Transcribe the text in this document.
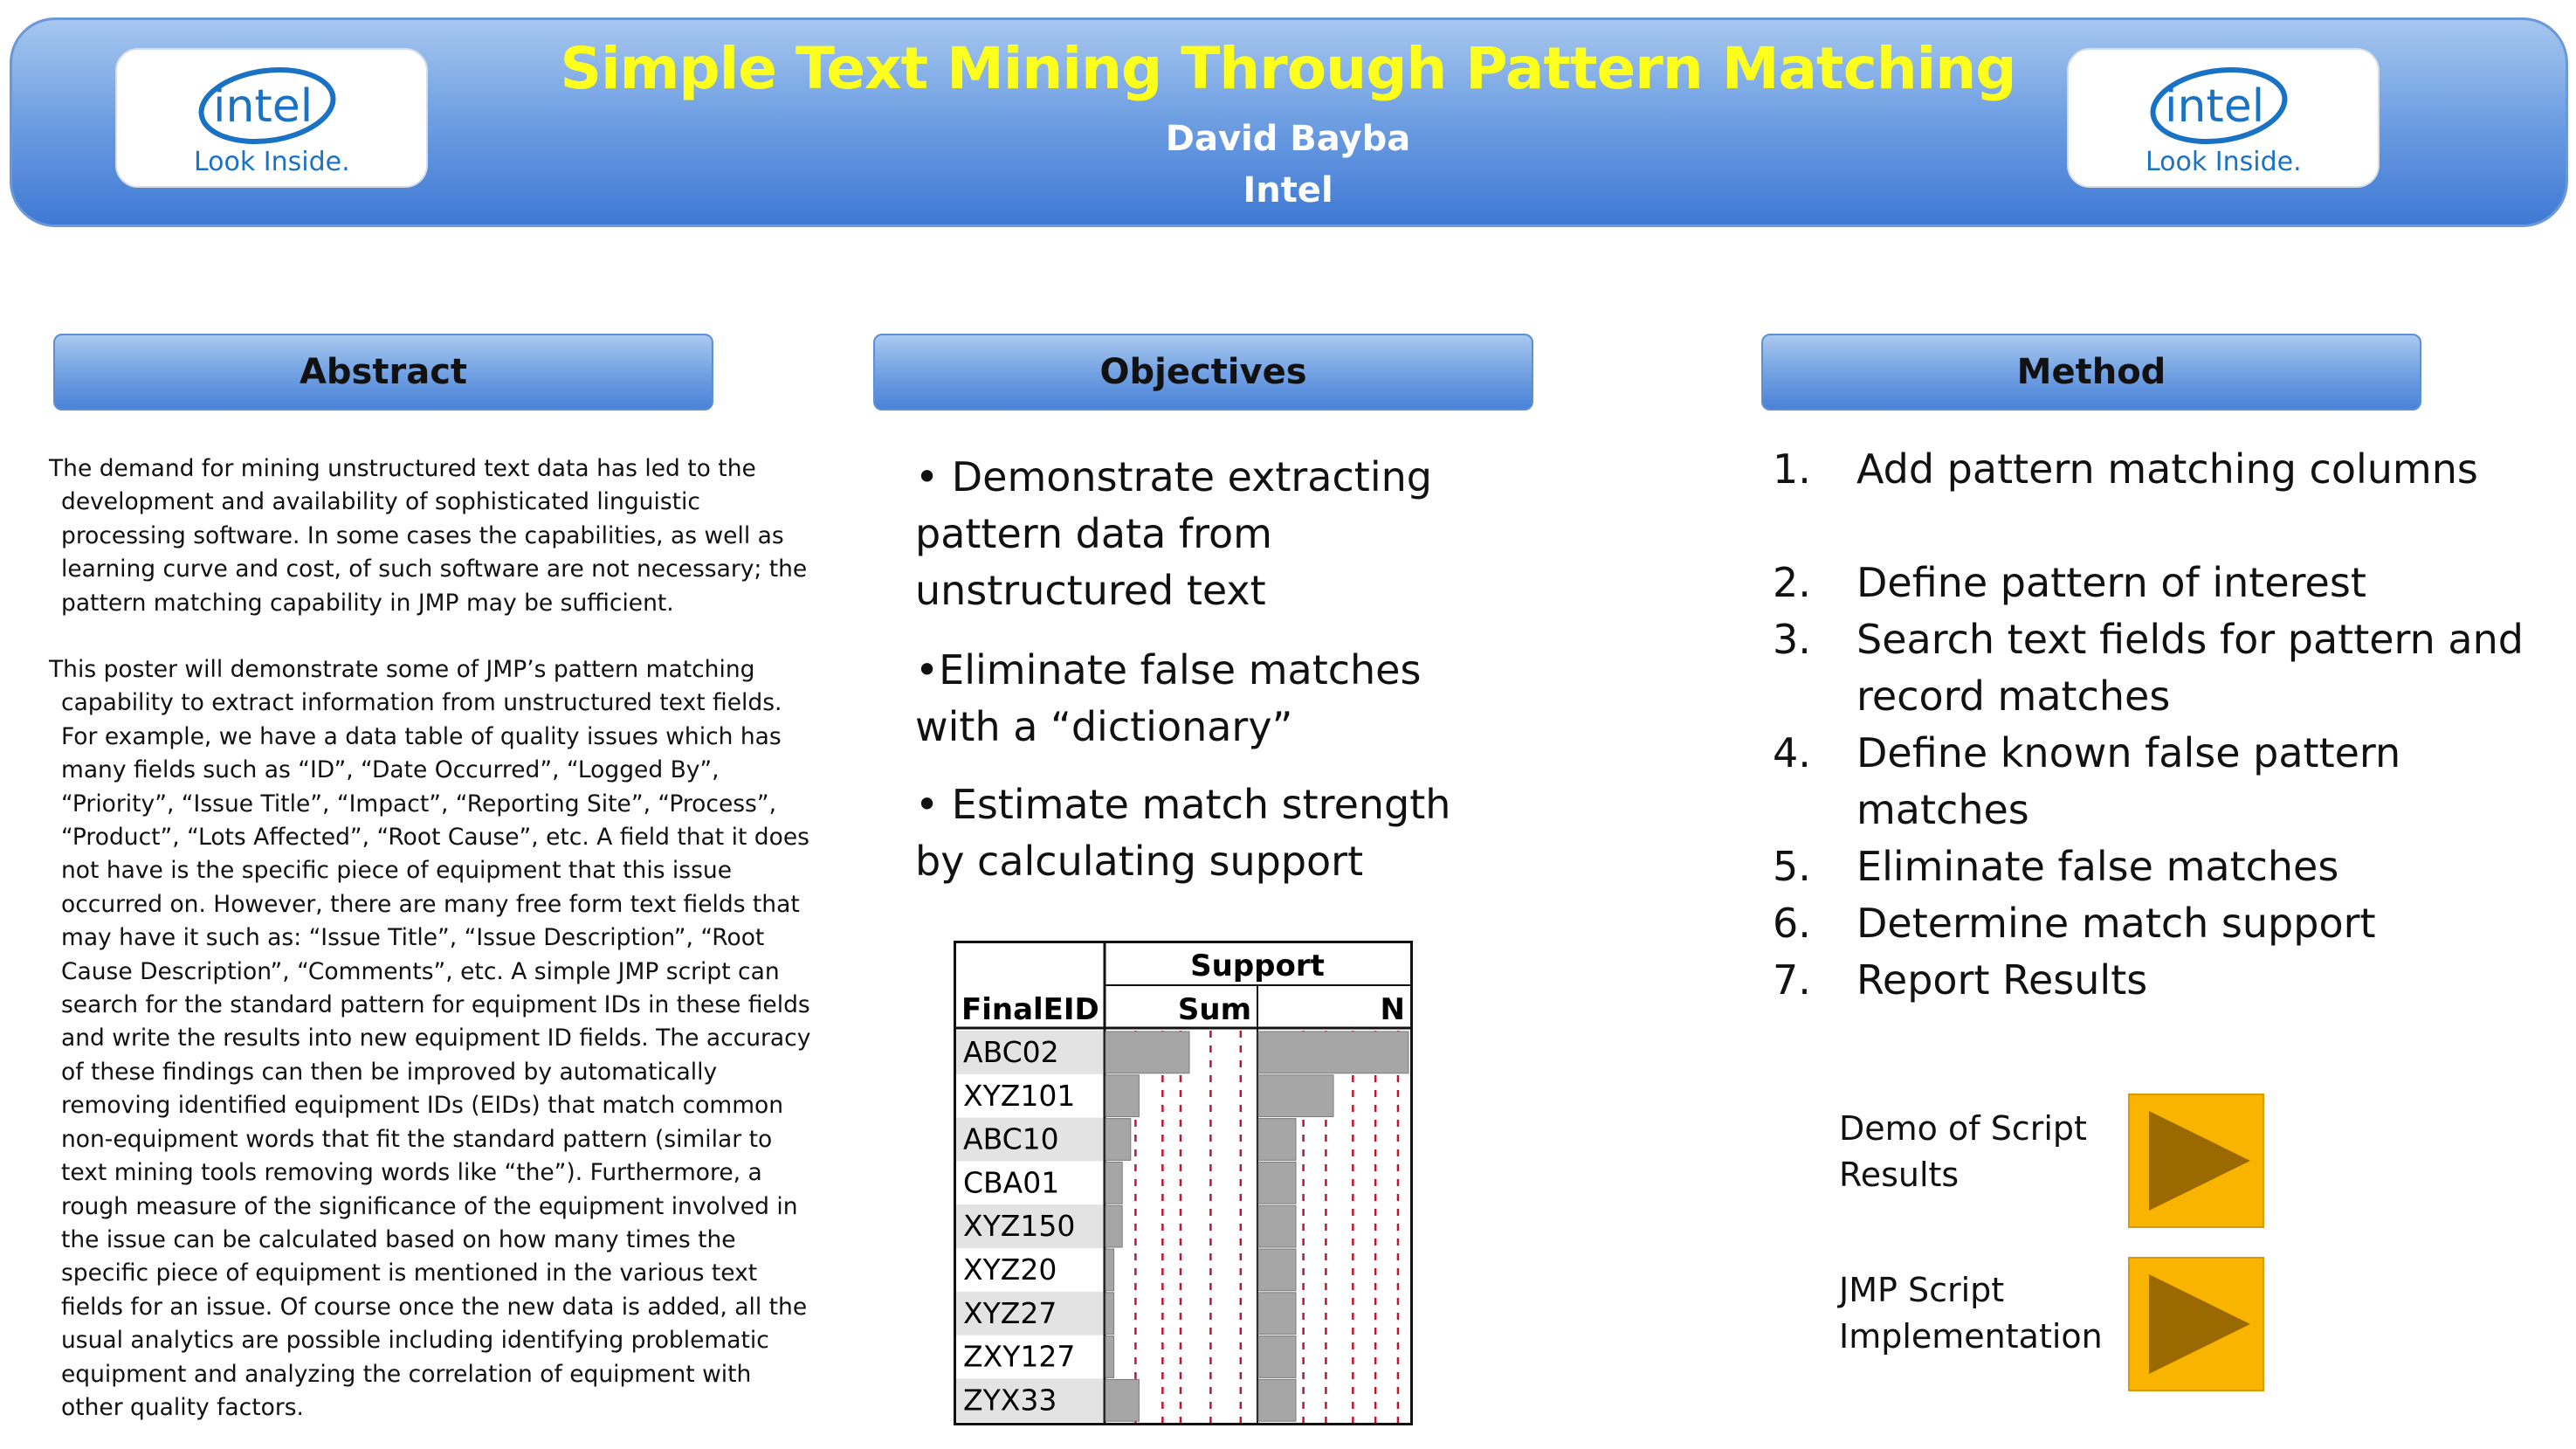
intel
Look Inside.
intel
Look Inside.
Simple Text Mining Through Pattern Matching
David Bayba
Intel
Abstract	Objectives	Method
The demand for mining unstructured text data has led to the development and availability of sophisticated linguistic processing software. In some cases the capabilities, as well as learning curve and cost, of such software are not necessary; the pattern matching capability in JMP may be sufficient.
This poster will demonstrate some of JMP’s pattern matching capability to extract information from unstructured text fields. For example, we have a data table of quality issues which has many fields such as “ID”, “Date Occurred”, “Logged By”, “Priority”, “Issue Title”, “Impact”, “Reporting Site”, “Process”, “Product”, “Lots Affected”, “Root Cause”, etc. A field that it does not have is the specific piece of equipment that this issue occurred on. However, there are many free form text fields that may have it such as: “Issue Title”, “Issue Description”, “Root Cause Description”, “Comments”, etc. A simple JMP script can search for the standard pattern for equipment IDs in these fields and write the results into new equipment ID fields. The accuracy of these findings can then be improved by automatically removing identified equipment IDs (EIDs) that match common non-equipment words that fit the standard pattern (similar to text mining tools removing words like “the”). Furthermore, a rough measure of the significance of the equipment involved in the issue can be calculated based on how many times the specific piece of equipment is mentioned in the various text fields for an issue. Of course once the new data is added, all the usual analytics are possible including identifying problematic equipment and analyzing the correlation of equipment with other quality factors.
• Demonstrate extracting pattern data from unstructured text
•Eliminate false matches with a “dictionary”
• Estimate match strength by calculating support
1. Add pattern matching columns
2. Define pattern of interest
3. Search text fields for pattern and record matches
4. Define known false pattern matches
5. Eliminate false matches
6. Determine match support
7. Report Results
Demo of Script
Results
JMP Script
Implementation
Support
FinalEID	Sum	N
ABC02
XYZ101
ABC10
CBA01
XYZ150
XYZ20
XYZ27
ZXY127
ZYX33
